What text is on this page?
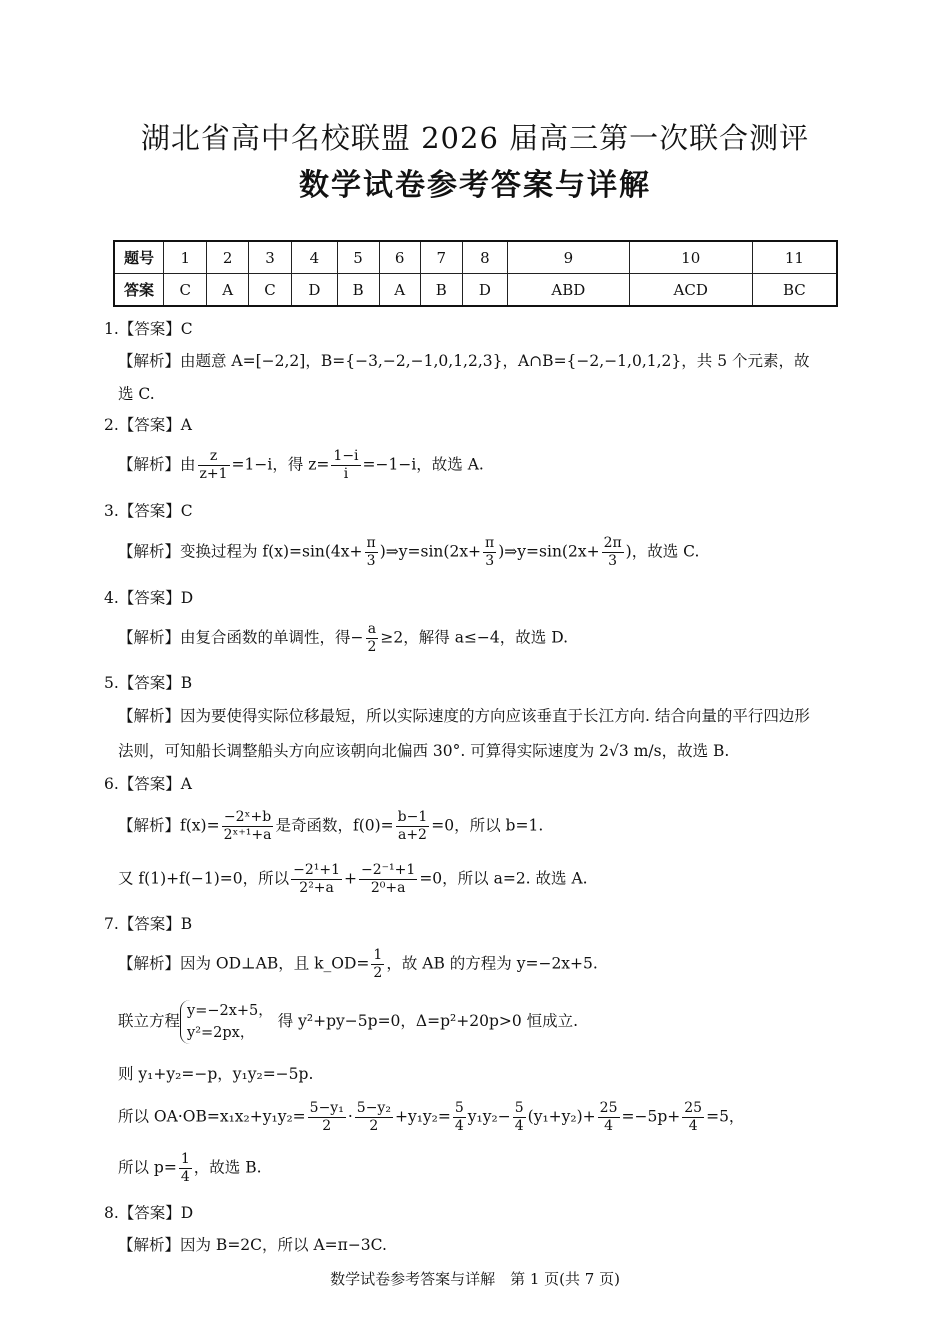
湖北省高中名校联盟 2026 届高三第一次联合测评
数学试卷参考答案与详解
题号	1	2	3	4	5	6	7	8	9	10	11
答案	C	A	C	D	B	A	B	D	ABD	ACD	BC
1.【答案】C
【解析】由题意 A=[−2,2]，B={−3,−2,−1,0,1,2,3}，A∩B={−2,−1,0,1,2}，共 5 个元素，故
选 C.
2.【答案】A
【解析】由 $\frac{z}{z+1} =1-i$，得 $z= \frac{1-i}{i} =-1-i$，故选 A.
3.【答案】C
【解析】变换过程为 $f(x)=\sin(4x+ \frac{\pi}{3}$ )⇒y=sin(2x+ $\frac{\pi}{3}$ )⇒y=sin(2x+ $\frac{2\pi}{3}$ )，故选 C.
4.【答案】D
【解析】由复合函数的单调性，得− $\frac{a}{2} \ge 2$，解得 a≤−4，故选 D.
5.【答案】B
【解析】因为要使得实际位移最短，所以实际速度的方向应该垂直于长江方向. 结合向量的平行四边形
法则，可知船长调整船头方向应该朝向北偏西 30°. 可算得实际速度为 2√3 m/s，故选 B.
6.【答案】A
【解析】$f(x)= \frac{\text{−2ˣ+b}}{\text{2ˣ⁺¹+a}}$ 是奇函数，$f(0)= \frac{b-1}{a+2} =0$，所以 b=1.
又 f(1)+f(−1)=0，所以 $\frac{\text{−2¹+1}}{\text{2²+a}} + \frac{\text{−2⁻¹+1}}{\text{2⁰+a}} =0$，所以 a=2. 故选 A.
7.【答案】B
【解析】因为 OD⊥AB，且 k_OD= $\frac{1}{2}$ ，故 AB 的方程为 y=−2x+5.
联立方程
y=−2x+5，
y²=2px，
得 y²+py−5p=0，Δ=p²+20p>0 恒成立.
则 y₁+y₂=−p，y₁y₂=−5p.
所以 $OA\cdot OB=x_1x_2+y_1y_2= \frac{\text{5−y₁}}{2} \cdot \frac{\text{5−y₂}}{2} +y_1y_2= \frac{5}{4} y_1y_2- \frac{5}{4} (y_1+y_2)+ \frac{25}{4} =-5p+ \frac{25}{4} =5$，
所以 $p= \frac{1}{4}$ ，故选 B.
8.【答案】D
【解析】因为 B=2C，所以 A=π−3C.
数学试卷参考答案与详解　第 1 页(共 7 页)
